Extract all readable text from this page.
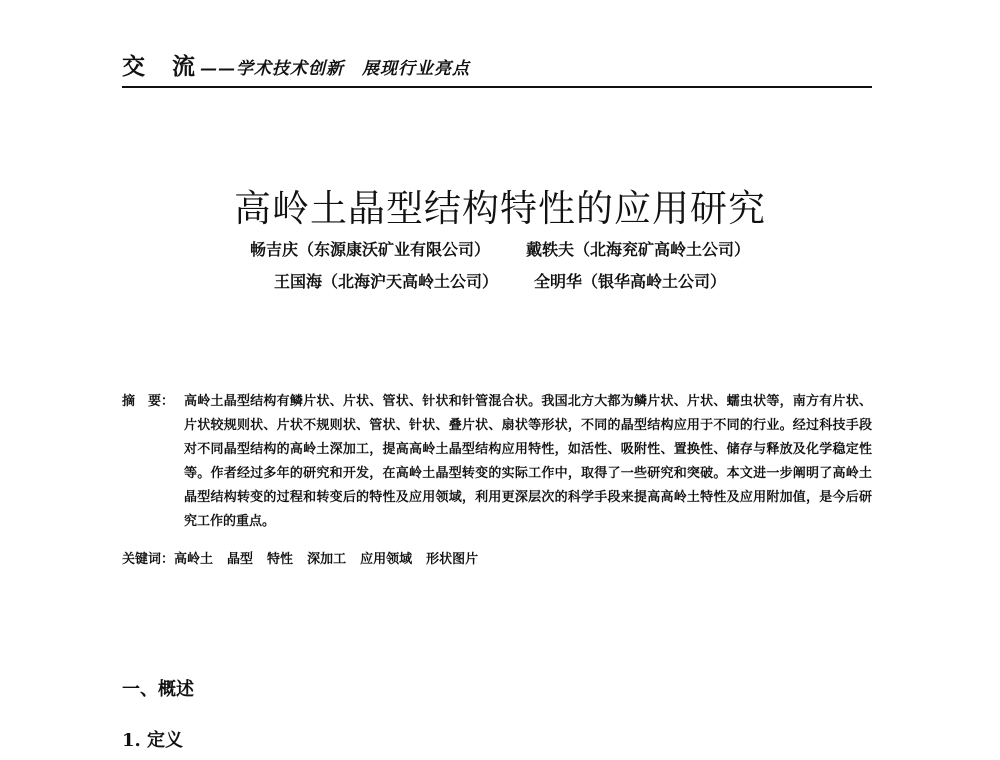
交 流 ——学术技术创新　展现行业亮点
高岭土晶型结构特性的应用研究
畅吉庆（东源康沃矿业有限公司） 戴轶夫（北海兖矿高岭土公司）
王国海（北海沪天高岭土公司） 全明华（银华高岭土公司）
摘　要： 高岭土晶型结构有鳞片状、片状、管状、针状和针管混合状。我国北方大都为鳞片状、片状、蠕虫状等，南方有片状、片状较规则状、片状不规则状、管状、针状、叠片状、扇状等形状，不同的晶型结构应用于不同的行业。经过科技手段对不同晶型结构的高岭土深加工，提高高岭土晶型结构应用特性，如活性、吸附性、置换性、储存与释放及化学稳定性等。作者经过多年的研究和开发，在高岭土晶型转变的实际工作中，取得了一些研究和突破。本文进一步阐明了高岭土晶型结构转变的过程和转变后的特性及应用领域，利用更深层次的科学手段来提高高岭土特性及应用附加值，是今后研究工作的重点。
关键词：高岭土 晶型 特性 深加工 应用领域 形状图片
一、概述
1. 定义
